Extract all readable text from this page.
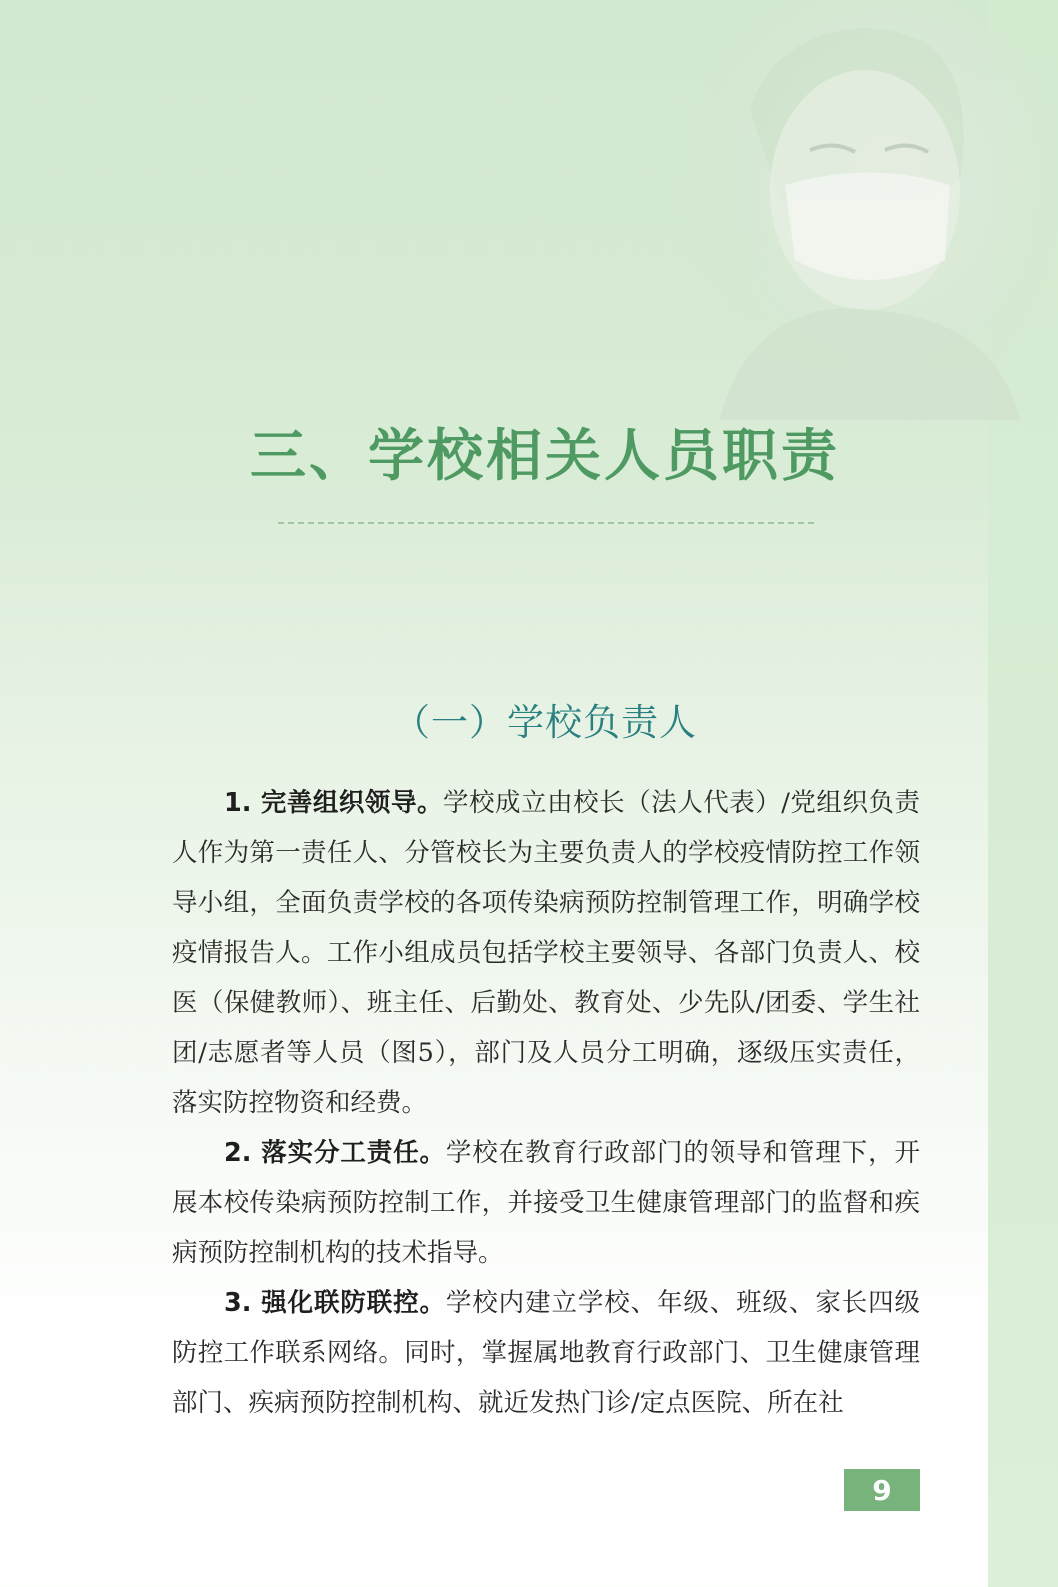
三、学校相关人员职责
（一）学校负责人

1. 完善组织领导。学校成立由校长（法人代表）/党组织负责人作为第一责任人、分管校长为主要负责人的学校疫情防控工作领导小组，全面负责学校的各项传染病预防控制管理工作，明确学校疫情报告人。工作小组成员包括学校主要领导、各部门负责人、校医（保健教师）、班主任、后勤处、教育处、少先队/团委、学生社团/志愿者等人员（图5），部门及人员分工明确，逐级压实责任，落实防控物资和经费。

2. 落实分工责任。学校在教育行政部门的领导和管理下，开展本校传染病预防控制工作，并接受卫生健康管理部门的监督和疾病预防控制机构的技术指导。

3. 强化联防联控。学校内建立学校、年级、班级、家长四级防控工作联系网络。同时，掌握属地教育行政部门、卫生健康管理部门、疾病预防控制机构、就近发热门诊/定点医院、所在社

9
